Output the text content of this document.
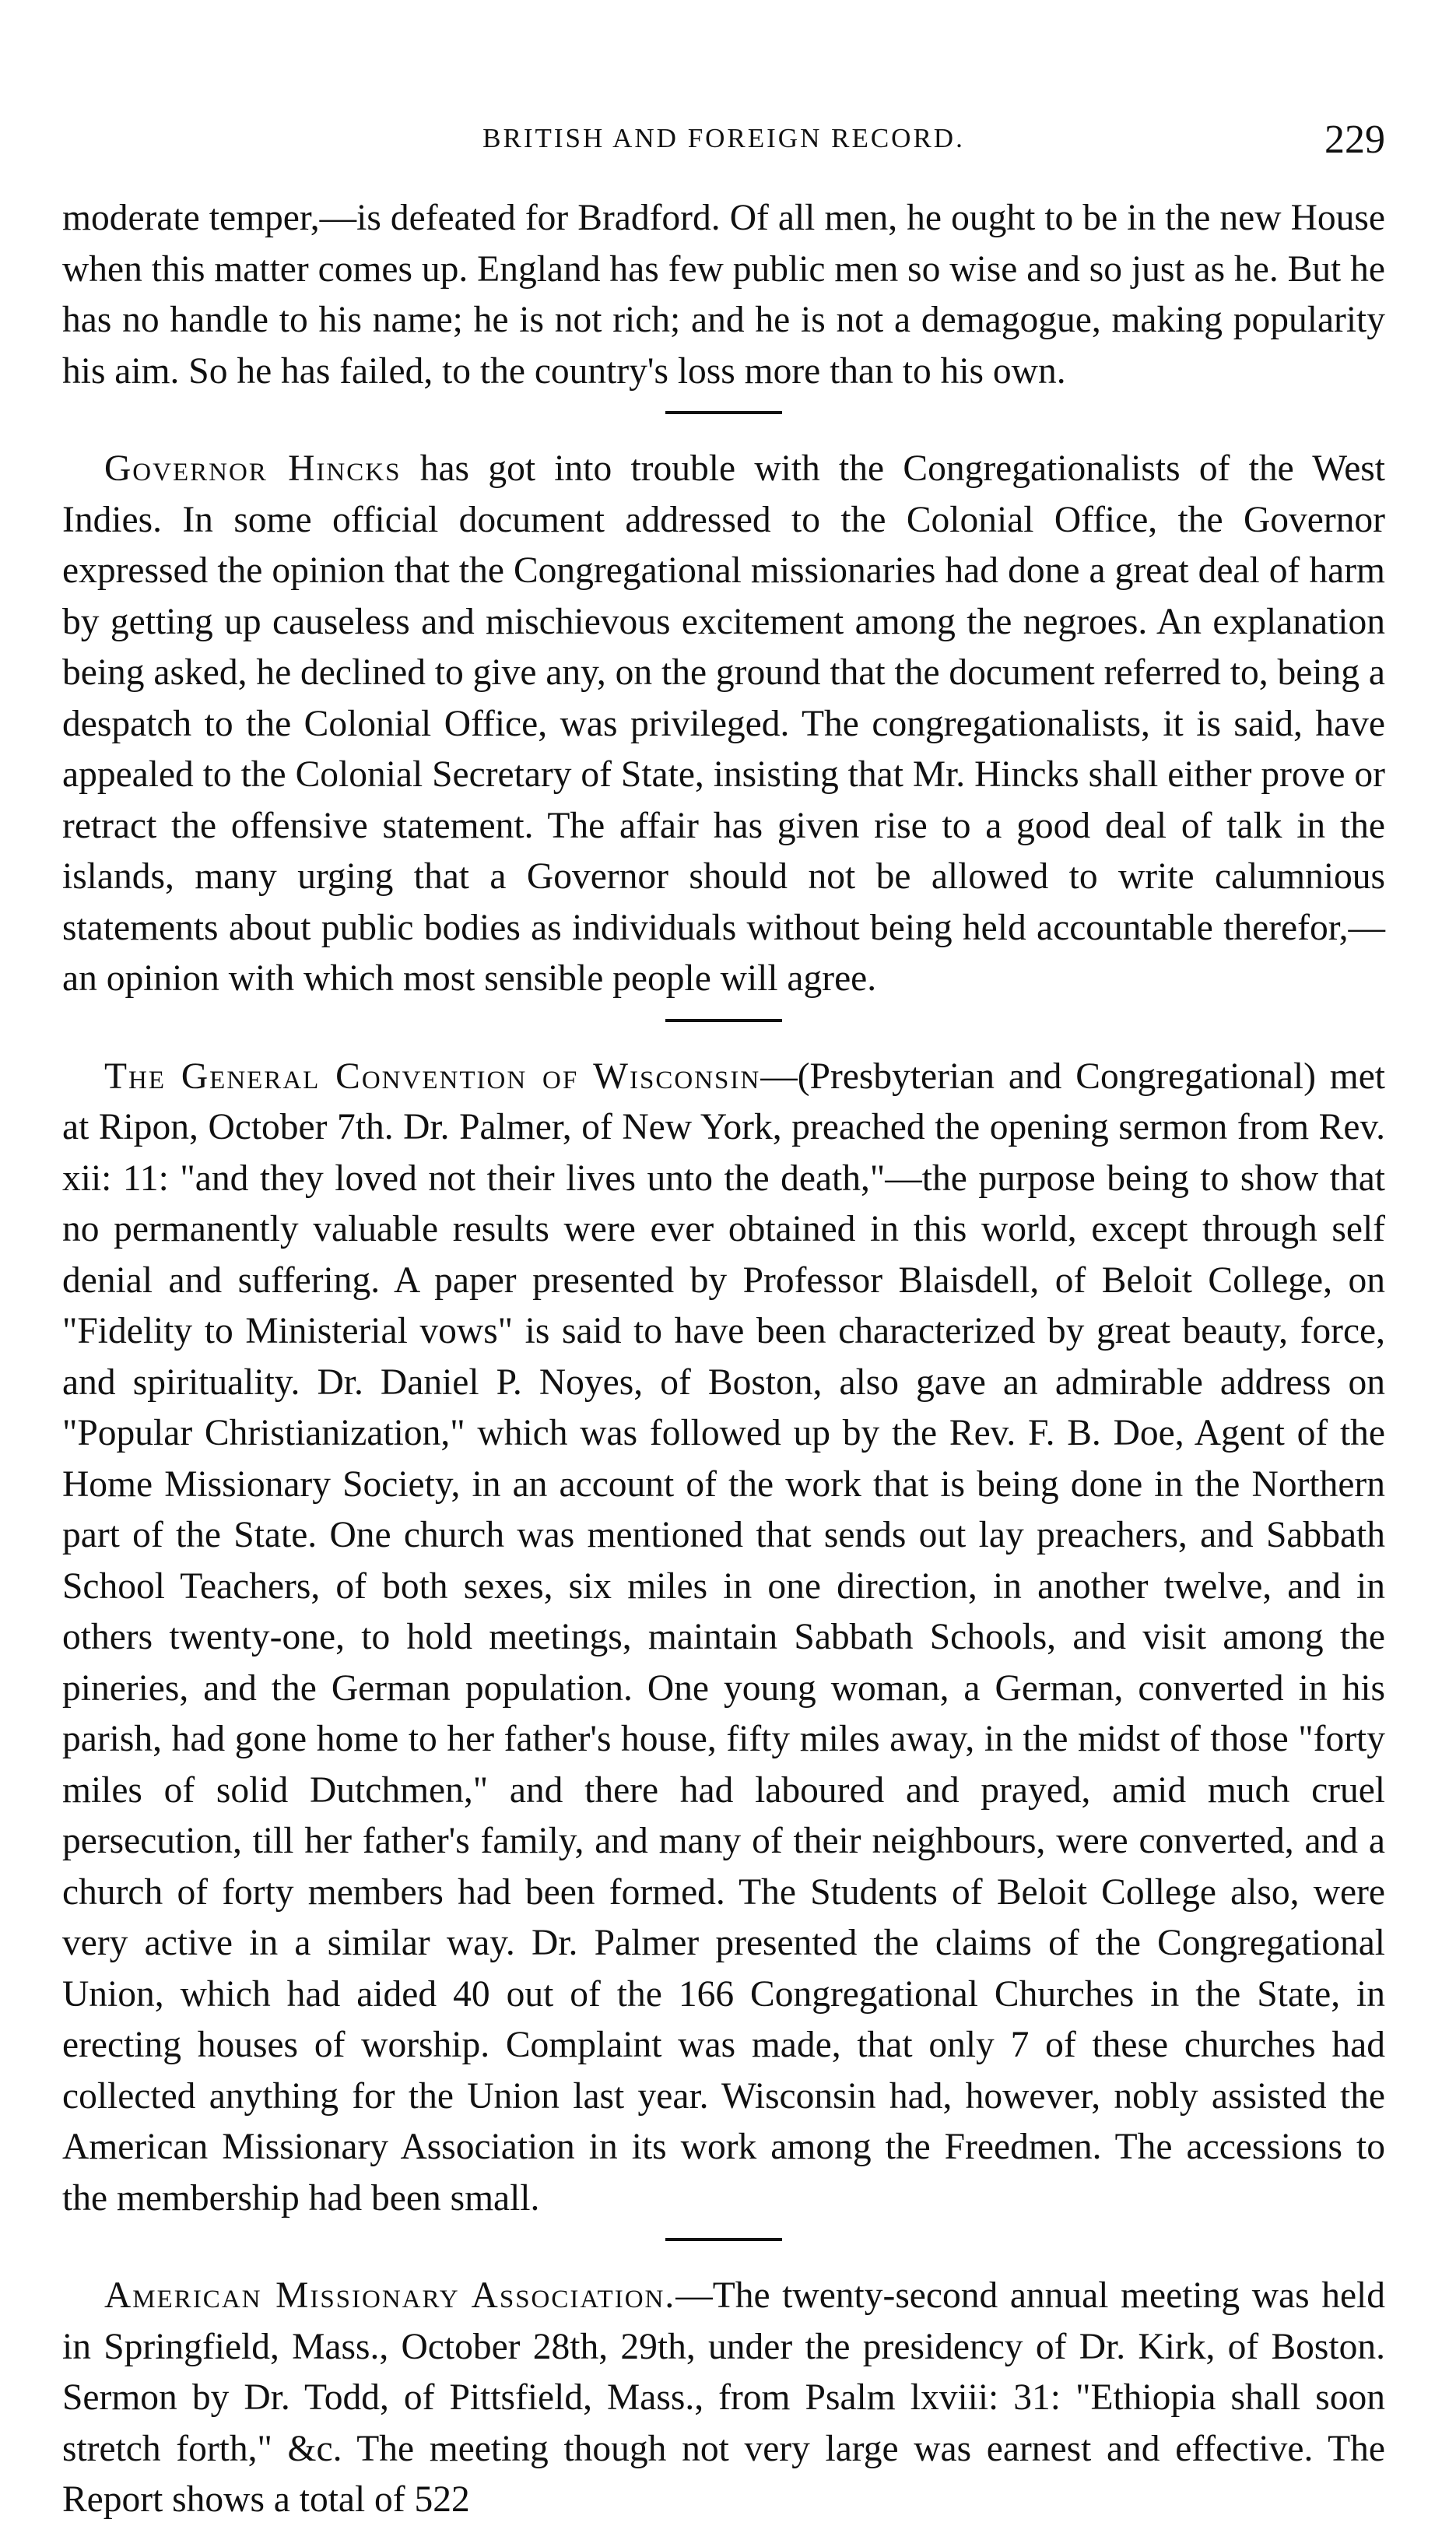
BRITISH AND FOREIGN RECORD.	229

moderate temper,—is defeated for Bradford. Of all men, he ought to be in the new House when this matter comes up. England has few public men so wise and so just as he. But he has no handle to his name; he is not rich; and he is not a demagogue, making popularity his aim. So he has failed, to the country's loss more than to his own.

Governor Hincks has got into trouble with the Congregationalists of the West Indies. In some official document addressed to the Colonial Office, the Governor expressed the opinion that the Congregational missionaries had done a great deal of harm by getting up causeless and mischievous excitement among the negroes. An explanation being asked, he declined to give any, on the ground that the document referred to, being a despatch to the Colonial Office, was privileged. The congregationalists, it is said, have appealed to the Colonial Secretary of State, insisting that Mr. Hincks shall either prove or retract the offensive statement. The affair has given rise to a good deal of talk in the islands, many urging that a Governor should not be allowed to write calumnious statements about public bodies as individuals without being held accountable therefor,—an opinion with which most sensible people will agree.

The General Convention of Wisconsin—(Presbyterian and Congregational) met at Ripon, October 7th. Dr. Palmer, of New York, preached the opening sermon from Rev. xii: 11: "and they loved not their lives unto the death,"—the purpose being to show that no permanently valuable results were ever obtained in this world, except through self denial and suffering. A paper presented by Professor Blaisdell, of Beloit College, on "Fidelity to Ministerial vows" is said to have been characterized by great beauty, force, and spirituality. Dr. Daniel P. Noyes, of Boston, also gave an admirable address on "Popular Christianization," which was followed up by the Rev. F. B. Doe, Agent of the Home Missionary Society, in an account of the work that is being done in the Northern part of the State. One church was mentioned that sends out lay preachers, and Sabbath School Teachers, of both sexes, six miles in one direction, in another twelve, and in others twenty-one, to hold meetings, maintain Sabbath Schools, and visit among the pineries, and the German population. One young woman, a German, converted in his parish, had gone home to her father's house, fifty miles away, in the midst of those "forty miles of solid Dutchmen," and there had laboured and prayed, amid much cruel persecution, till her father's family, and many of their neighbours, were converted, and a church of forty members had been formed. The Students of Beloit College also, were very active in a similar way. Dr. Palmer presented the claims of the Congregational Union, which had aided 40 out of the 166 Congregational Churches in the State, in erecting houses of worship. Complaint was made, that only 7 of these churches had collected anything for the Union last year. Wisconsin had, however, nobly assisted the American Missionary Association in its work among the Freedmen. The accessions to the membership had been small.

American Missionary Association.—The twenty-second annual meeting was held in Springfield, Mass., October 28th, 29th, under the presidency of Dr. Kirk, of Boston. Sermon by Dr. Todd, of Pittsfield, Mass., from Psalm lxviii: 31: "Ethiopia shall soon stretch forth," &c. The meeting though not very large was earnest and effective. The Report shows a total of 522
